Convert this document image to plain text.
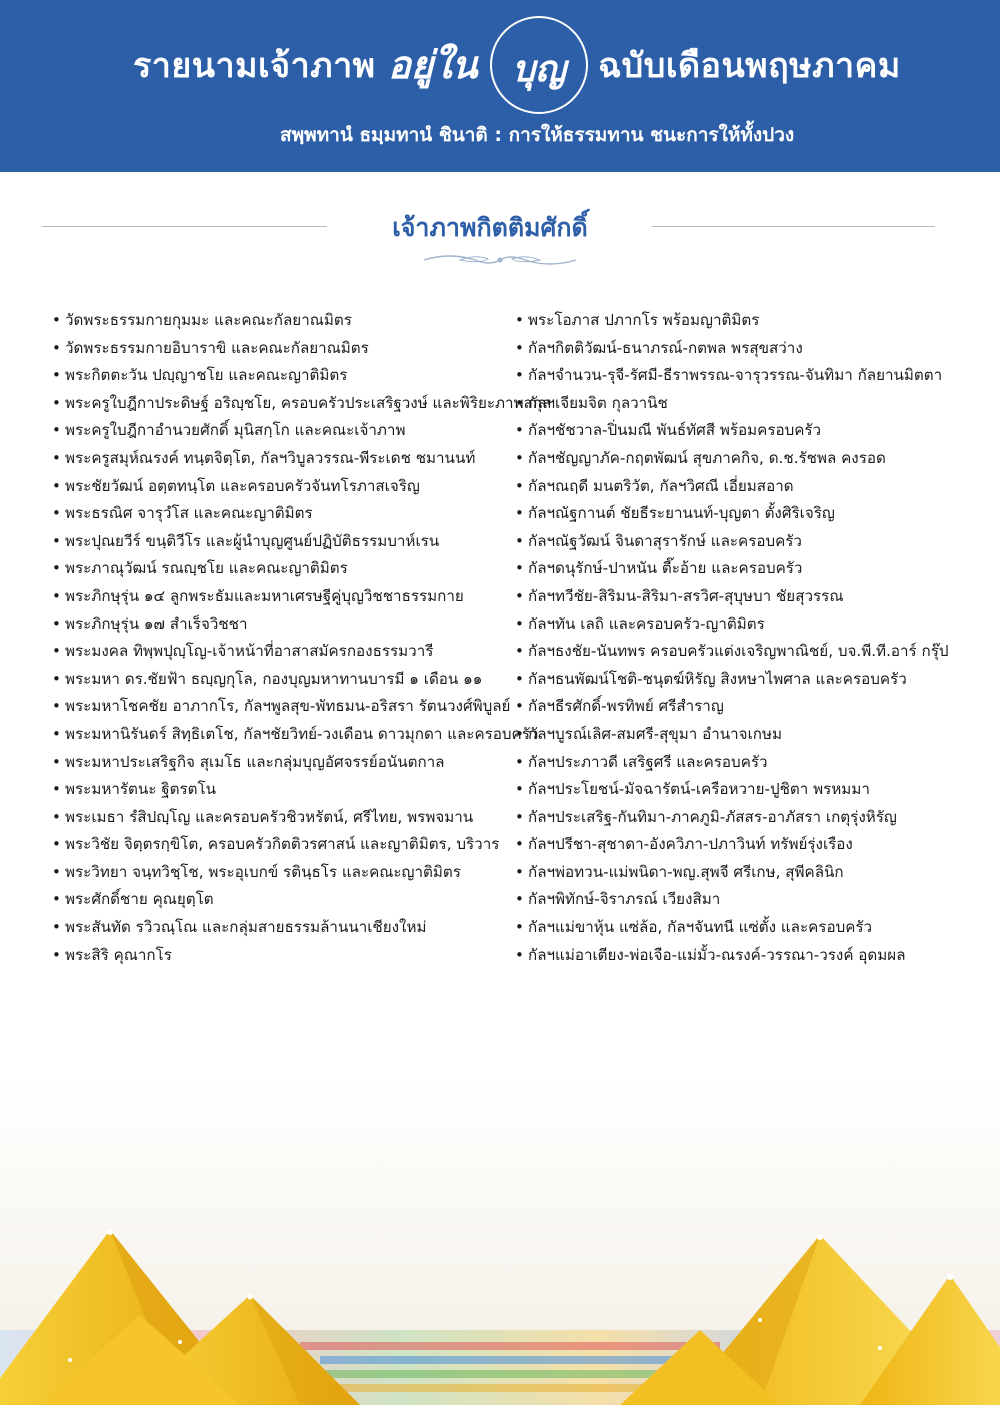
รายนามเจ้าภาพ อยู่ใน บุญ ฉบับเดือนพฤษภาคม
สพฺพทานํ ธมฺมทานํ ชินาติ : การให้ธรรมทาน ชนะการให้ทั้งปวง
เจ้าภาพกิตติมศักดิ์
• วัดพระธรรมกายกุมมะ และคณะกัลยาณมิตร
• วัดพระธรรมกายอิบาราขิ และคณะกัลยาณมิตร
• พระกิตตะวัน ปญฺญาชโย และคณะญาติมิตร
• พระครูใบฎีกาประดิษฐ์ อริญฺชโย, ครอบครัวประเสริฐวงษ์ และพิริยะภาพสกุล
• พระครูใบฎีกาอำนวยศักดิ์ มุนิสกฺโก และคณะเจ้าภาพ
• พระครูสมุห์ณรงค์ ทนฺตจิตฺโต, กัลฯวิบูลวรรณ-พีระเดช ชมานนท์
• พระชัยวัฒน์ อตฺตทนฺโต และครอบครัวจันทโรภาสเจริญ
• พระธรณิศ จารุวํโส และคณะญาติมิตร
• พระปุณยวีร์ ขนฺติวีโร และผู้นำบุญศูนย์ปฏิบัติธรรมบาห์เรน
• พระภาณุวัฒน์ รณญฺชโย และคณะญาติมิตร
• พระภิกษุรุ่น ๑๔ ลูกพระธัมและมหาเศรษฐีคู่บุญวิชชาธรรมกาย
• พระภิกษุรุ่น ๑๗ สำเร็จวิชชา
• พระมงคล ทิพฺพปุญฺโญ-เจ้าหน้าที่อาสาสมัครกองธรรมวารี
• พระมหา ดร.ชัยฟ้า ธญฺญกุโล, กองบุญมหาทานบารมี ๑ เดือน ๑๑
• พระมหาโชคชัย อาภากโร, กัลฯพูลสุข-พัทธมน-อริสรา รัตนวงศ์พิบูลย์
• พระมหานิรันดร์ สิทฺธิเตโช, กัลฯชัยวิทย์-วงเดือน ดาวมุกดา และครอบครัว
• พระมหาประเสริฐกิจ สุเมโธ และกลุ่มบุญอัศจรรย์อนันตกาล
• พระมหารัตนะ ฐิตรตโน
• พระเมธา รํสิปญฺโญ และครอบครัวชิวหรัตน์, ศรีไทย, พรพจมาน
• พระวิชัย จิตฺตรกฺขิโต, ครอบครัวกิตติวรศาสน์ และญาติมิตร, บริวาร
• พระวิทยา จนฺทวิชฺโช, พระอุเบกข์ รตินฺธโร และคณะญาติมิตร
• พระศักดิ์ชาย คุณยุตฺโต
• พระสันทัด รวิวณฺโณ และกลุ่มสายธรรมล้านนาเชียงใหม่
• พระสิริ คุณากโร
• พระโอภาส ปภากโร พร้อมญาติมิตร
• กัลฯกิตติวัฒน์-ธนาภรณ์-กตพล พรสุขสว่าง
• กัลฯจำนวน-รุจี-รัศมี-ธีราพรรณ-จารุวรรณ-จันทิมา กัลยานมิตตา
• กัลฯเจียมจิต กุลวานิช
• กัลฯชัชวาล-ปิ่นมณี พันธ์ทัศสี พร้อมครอบครัว
• กัลฯชัญญาภัค-กฤตพัฒน์ สุขภาคกิจ, ด.ช.รัชพล คงรอด
• กัลฯณฤดี มนตริวัต, กัลฯวิศณี เอี่ยมสอาด
• กัลฯณัฐกานต์ ชัยธีระยานนท์-บุญตา ตั้งศิริเจริญ
• กัลฯณัฐวัฒน์ จินดาสุรารักษ์ และครอบครัว
• กัลฯดนุรักษ์-ปาหนัน ตี๊ะอ้าย และครอบครัว
• กัลฯทวีชัย-สิริมน-สิริมา-สรวิศ-สุบุษบา ชัยสุวรรณ
• กัลฯทัน เลถิ และครอบครัว-ญาติมิตร
• กัลฯธงชัย-นันทพร ครอบครัวแต่งเจริญพาณิชย์, บจ.พี.ที.อาร์ กรุ๊ป
• กัลฯธนพัฒน์โชติ-ชนุตฆ์หิรัญ สิงหษาไพศาล และครอบครัว
• กัลฯธีรศักดิ์-พรทิพย์ ศรีสำราญ
• กัลฯบูรณ์เลิศ-สมศรี-สุขุมา อำนาจเกษม
• กัลฯประภาวดี เสริฐศรี และครอบครัว
• กัลฯประโยชน์-มัจฉารัตน์-เครือหวาย-ปูชิตา พรหมมา
• กัลฯประเสริฐ-กันทิมา-ภาคภูมิ-ภัสสร-อาภัสรา เกตุรุ่งหิรัญ
• กัลฯปรีชา-สุชาดา-อังควิภา-ปภาวินท์ ทรัพย์รุ่งเรือง
• กัลฯพ่อทวน-แม่พนิดา-พญ.สุพจี ศรีเกษ, สุพีคลินิก
• กัลฯพิทักษ์-จิราภรณ์ เวียงสิมา
• กัลฯแม่ขาหุ้น แซ่ล้อ, กัลฯจันทนี แซ่ตั้ง และครอบครัว
• กัลฯแม่อาเตียง-พ่อเจือ-แม่มั้ว-ณรงค์-วรรณา-วรงค์ อุดมผล
